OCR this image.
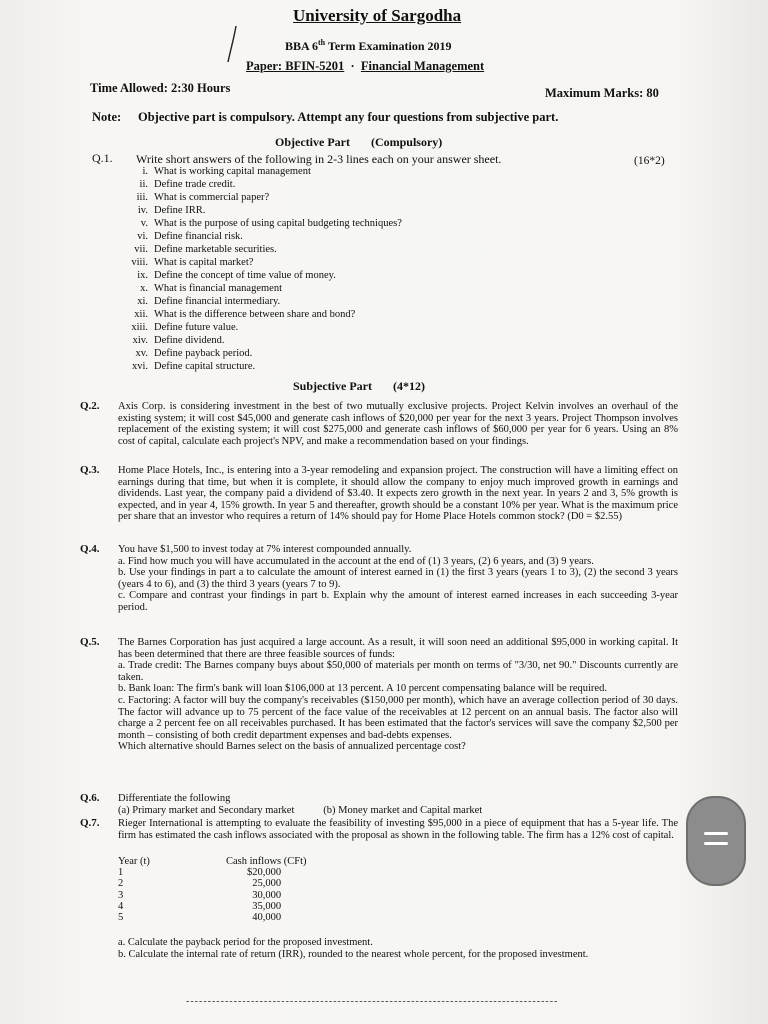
University of Sargodha
BBA 6th Term Examination 2019
Paper: BFIN-5201  ·  Financial Management
Time Allowed: 2:30 Hours	Maximum Marks: 80
Note: Objective part is compulsory. Attempt any four questions from subjective part.
Objective Part (Compulsory)
Q.1. Write short answers of the following in 2-3 lines each on your answer sheet.	(16*2)
i. What is working capital management
ii. Define trade credit.
iii. What is commercial paper?
iv. Define IRR.
v. What is the purpose of using capital budgeting techniques?
vi. Define financial risk.
vii. Define marketable securities.
viii. What is capital market?
ix. Define the concept of time value of money.
x. What is financial management
xi. Define financial intermediary.
xii. What is the difference between share and bond?
xiii. Define future value.
xiv. Define dividend.
xv. Define payback period.
xvi. Define capital structure.
Subjective Part (4*12)
Q.2. Axis Corp. is considering investment in the best of two mutually exclusive projects. Project Kelvin involves an overhaul of the existing system; it will cost $45,000 and generate cash inflows of $20,000 per year for the next 3 years. Project Thompson involves replacement of the existing system; it will cost $275,000 and generate cash inflows of $60,000 per year for 6 years. Using an 8% cost of capital, calculate each project's NPV, and make a recommendation based on your findings.
Q.3. Home Place Hotels, Inc., is entering into a 3-year remodeling and expansion project. The construction will have a limiting effect on earnings during that time, but when it is complete, it should allow the company to enjoy much improved growth in earnings and dividends. Last year, the company paid a dividend of $3.40. It expects zero growth in the next year. In years 2 and 3, 5% growth is expected, and in year 4, 15% growth. In year 5 and thereafter, growth should be a constant 10% per year. What is the maximum price per share that an investor who requires a return of 14% should pay for Home Place Hotels common stock? (D0 = $2.55)
Q.4. You have $1,500 to invest today at 7% interest compounded annually.
a. Find how much you will have accumulated in the account at the end of (1) 3 years, (2) 6 years, and (3) 9 years.
b. Use your findings in part a to calculate the amount of interest earned in (1) the first 3 years (years 1 to 3), (2) the second 3 years (years 4 to 6), and (3) the third 3 years (years 7 to 9).
c. Compare and contrast your findings in part b. Explain why the amount of interest earned increases in each succeeding 3-year period.
Q.5. The Barnes Corporation has just acquired a large account. As a result, it will soon need an additional $95,000 in working capital. It has been determined that there are three feasible sources of funds:
a. Trade credit: The Barnes company buys about $50,000 of materials per month on terms of "3/30, net 90." Discounts currently are taken.
b. Bank loan: The firm's bank will loan $106,000 at 13 percent. A 10 percent compensating balance will be required.
c. Factoring: A factor will buy the company's receivables ($150,000 per month), which have an average collection period of 30 days. The factor will advance up to 75 percent of the face value of the receivables at 12 percent on an annual basis. The factor also will charge a 2 percent fee on all receivables purchased. It has been estimated that the factor's services will save the company $2,500 per month – consisting of both credit department expenses and bad-debts expenses.
Which alternative should Barnes select on the basis of annualized percentage cost?
Q.6. Differentiate the following
(a) Primary market and Secondary market	(b) Money market and Capital market
Q.7. Rieger International is attempting to evaluate the feasibility of investing $95,000 in a piece of equipment that has a 5-year life. The firm has estimated the cash inflows associated with the proposal as shown in the following table. The firm has a 12% cost of capital.
Year (t)	Cash inflows (CFt)
1	$20,000
2	25,000
3	30,000
4	35,000
5	40,000
a. Calculate the payback period for the proposed investment.
b. Calculate the internal rate of return (IRR), rounded to the nearest whole percent, for the proposed investment.
--------------------------------------------------------------------------------------
